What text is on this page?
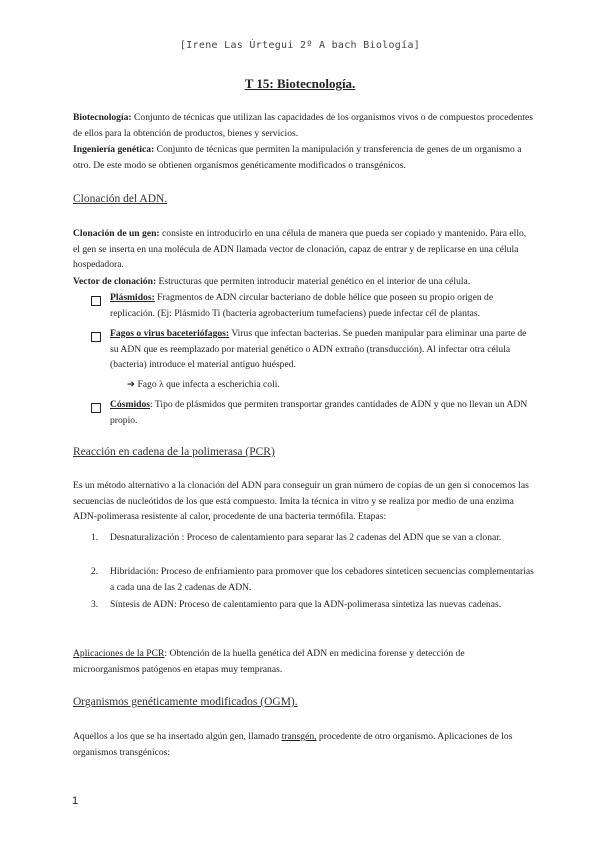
[Irene Las Úrtegui 2º A bach Biología]
T 15: Biotecnología.
Biotecnología: Conjunto de técnicas que utilizan las capacidades de los organismos vivos o de compuestos procedentes de ellos para la obtención de productos, bienes y servicios.
Ingeniería genética: Conjunto de técnicas que permiten la manipulación y transferencia de genes de un organismo a otro. De este modo se obtienen organismos genéticamente modificados o transgénicos.
Clonación del ADN.
Clonación de un gen: consiste en introducirlo en una célula de manera que pueda ser copiado y mantenido. Para ello, el gen se inserta en una molécula de ADN llamada vector de clonación, capaz de entrar y de replicarse en una célula hospedadora.
Vector de clonación: Estructuras que permiten introducir material genético en el interior de una célula.
Plásmidos: Fragmentos de ADN circular bacteriano de doble hélice que poseen su propio origen de replicación. (Ej: Plásmido Ti (bacteria agrobacterium tumefaciens) puede infectar cél de plantas.
Fagos o virus baceteriófagos: Virus que infectan bacterias. Se pueden manipular para eliminar una parte de su ADN que es reemplazado por material genético o ADN extraño (transducción). Al infectar otra célula (bacteria) introduce el material antiguo huésped.
➔ Fago λ que infecta a escherichia coli.
Cósmidos: Tipo de plásmidos que permiten transportar grandes cantidades de ADN y que no llevan un ADN propio.
Reacción en cadena de la polimerasa (PCR)
Es un método alternativo a la clonación del ADN para conseguir un gran número de copias de un gen si conocemos las secuencias de nucleótidos de los que está compuesto. Imita la técnica in vitro y se realiza por medio de una enzima ADN-polimerasa resistente al calor, procedente de una bacteria termófila. Etapas:
1. Desnaturalización : Proceso de calentamiento para separar las 2 cadenas del ADN que se van a clonar.
2. Hibridación: Proceso de enfriamiento para promover que los cebadores sinteticen secuencias complementarias a cada una de las 2 cadenas de ADN.
3. Síntesis de ADN: Proceso de calentamiento para que la ADN-polimerasa sintetiza las nuevas cadenas.
Aplicaciones de la PCR: Obtención de la huella genética del ADN en medicina forense y detección de microorganismos patógenos en etapas muy tempranas.
Organismos genéticamente modificados (OGM).
Aquellos a los que se ha insertado algún gen, llamado transgén, procedente de otro organismo. Aplicaciones de los organismos transgénicos:
1
